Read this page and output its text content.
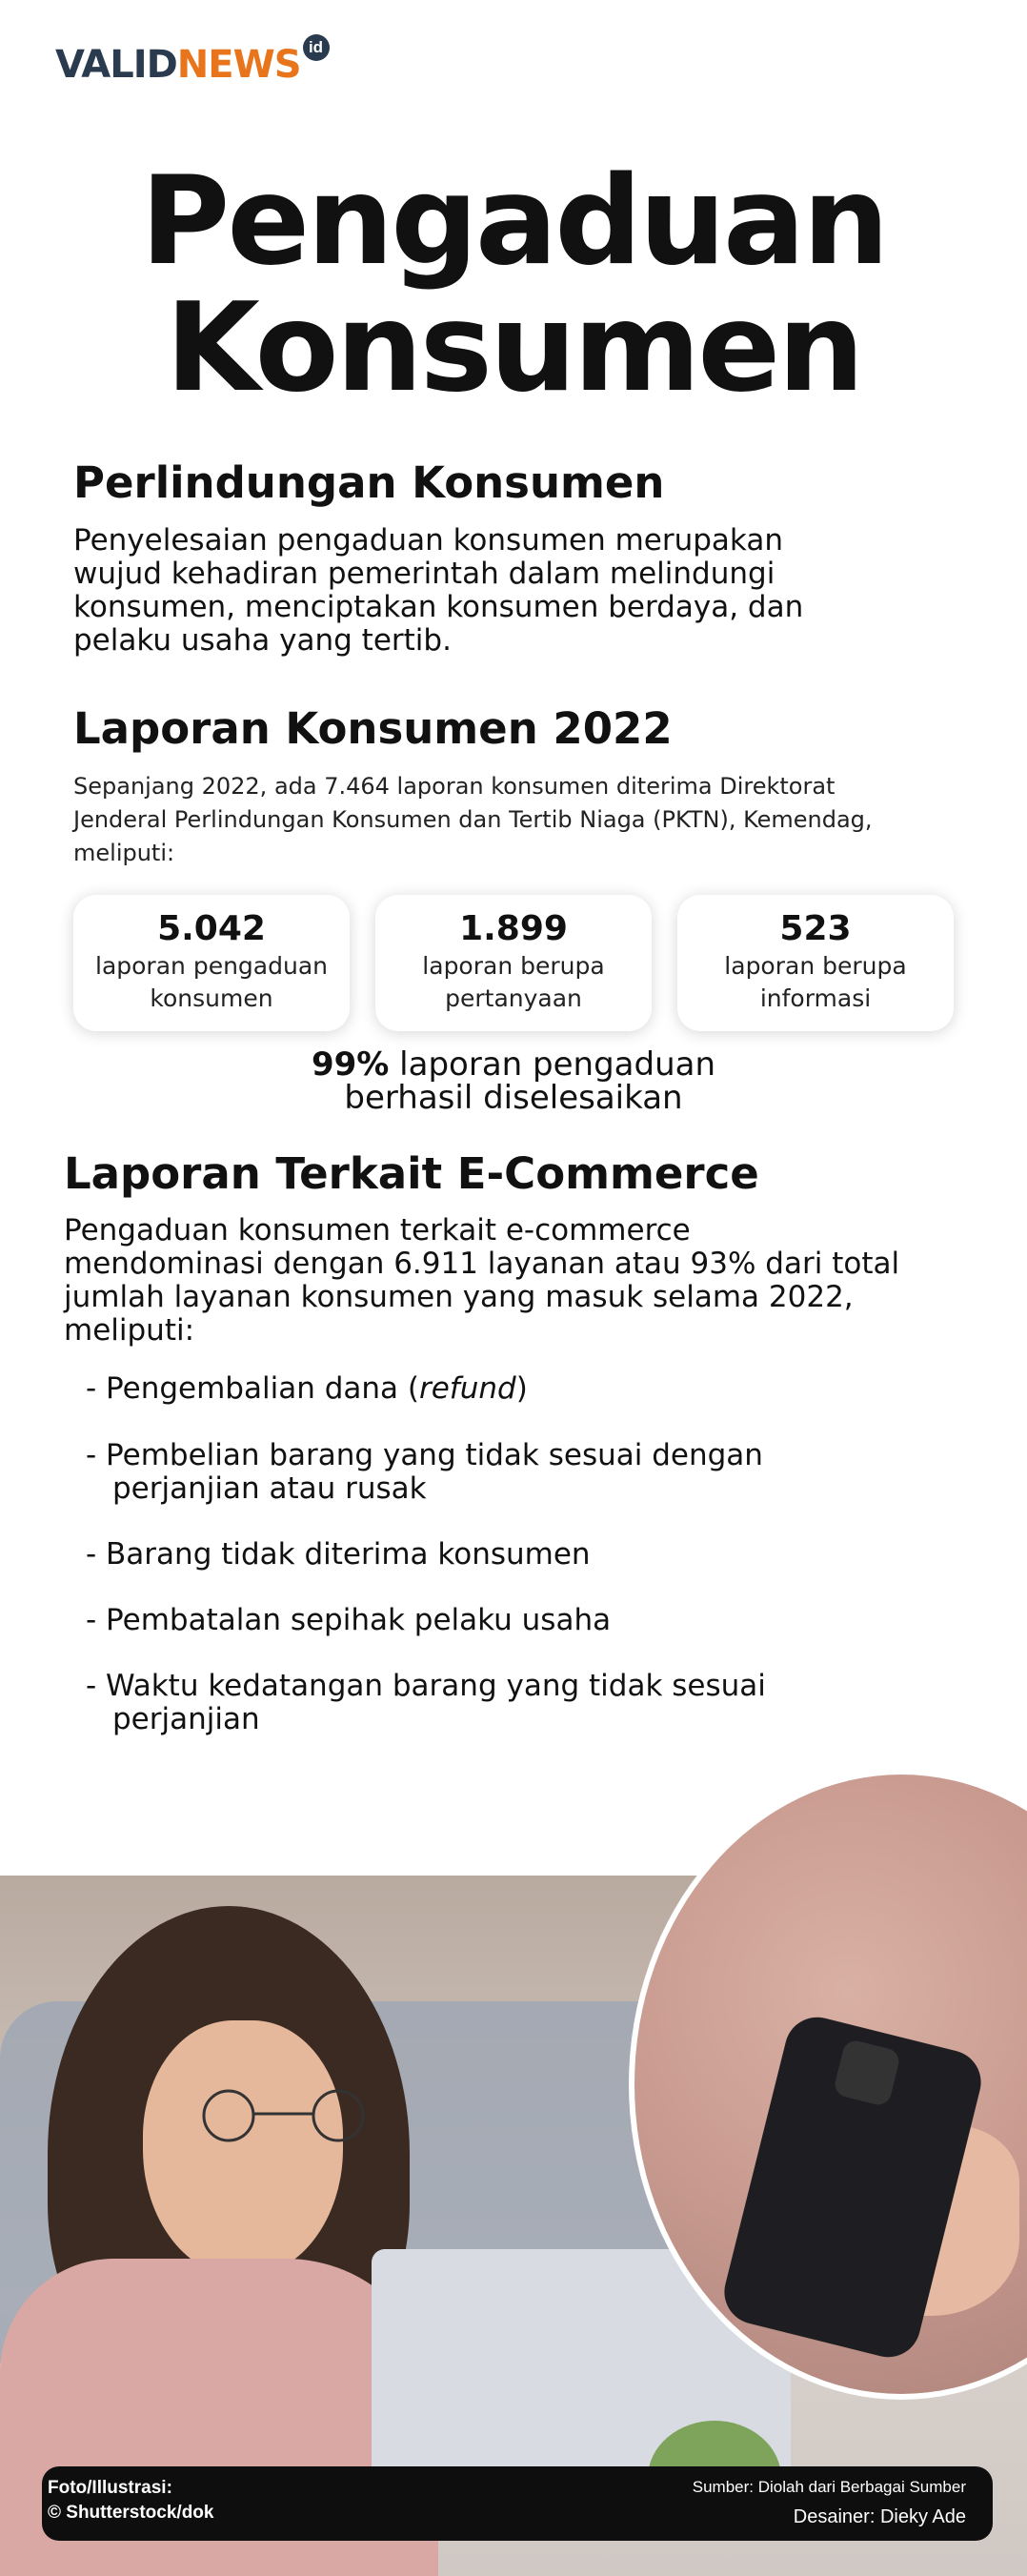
VALID NEWS id
Pengaduan
Konsumen
Perlindungan Konsumen
Penyelesaian pengaduan konsumen merupakan
wujud kehadiran pemerintah dalam melindungi
konsumen, menciptakan konsumen berdaya, dan
pelaku usaha yang tertib.
Laporan Konsumen 2022
Sepanjang 2022, ada 7.464 laporan konsumen diterima Direktorat
Jenderal Perlindungan Konsumen dan Tertib Niaga (PKTN), Kemendag,
meliputi:
5.042
laporan pengaduan
konsumen
1.899
laporan berupa
pertanyaan
523
laporan berupa
informasi
99% laporan pengaduan
berhasil diselesaikan
Laporan Terkait E-Commerce
Pengaduan konsumen terkait e-commerce
mendominasi dengan 6.911 layanan atau 93% dari total
jumlah layanan konsumen yang masuk selama 2022,
meliputi:
- Pengembalian dana (refund)
- Pembelian barang yang tidak sesuai dengan
perjanjian atau rusak
- Barang tidak diterima konsumen
- Pembatalan sepihak pelaku usaha
- Waktu kedatangan barang yang tidak sesuai
perjanjian
Foto/Illustrasi:
© Shutterstock/dok
Sumber: Diolah dari Berbagai Sumber
Desainer: Dieky Ade
